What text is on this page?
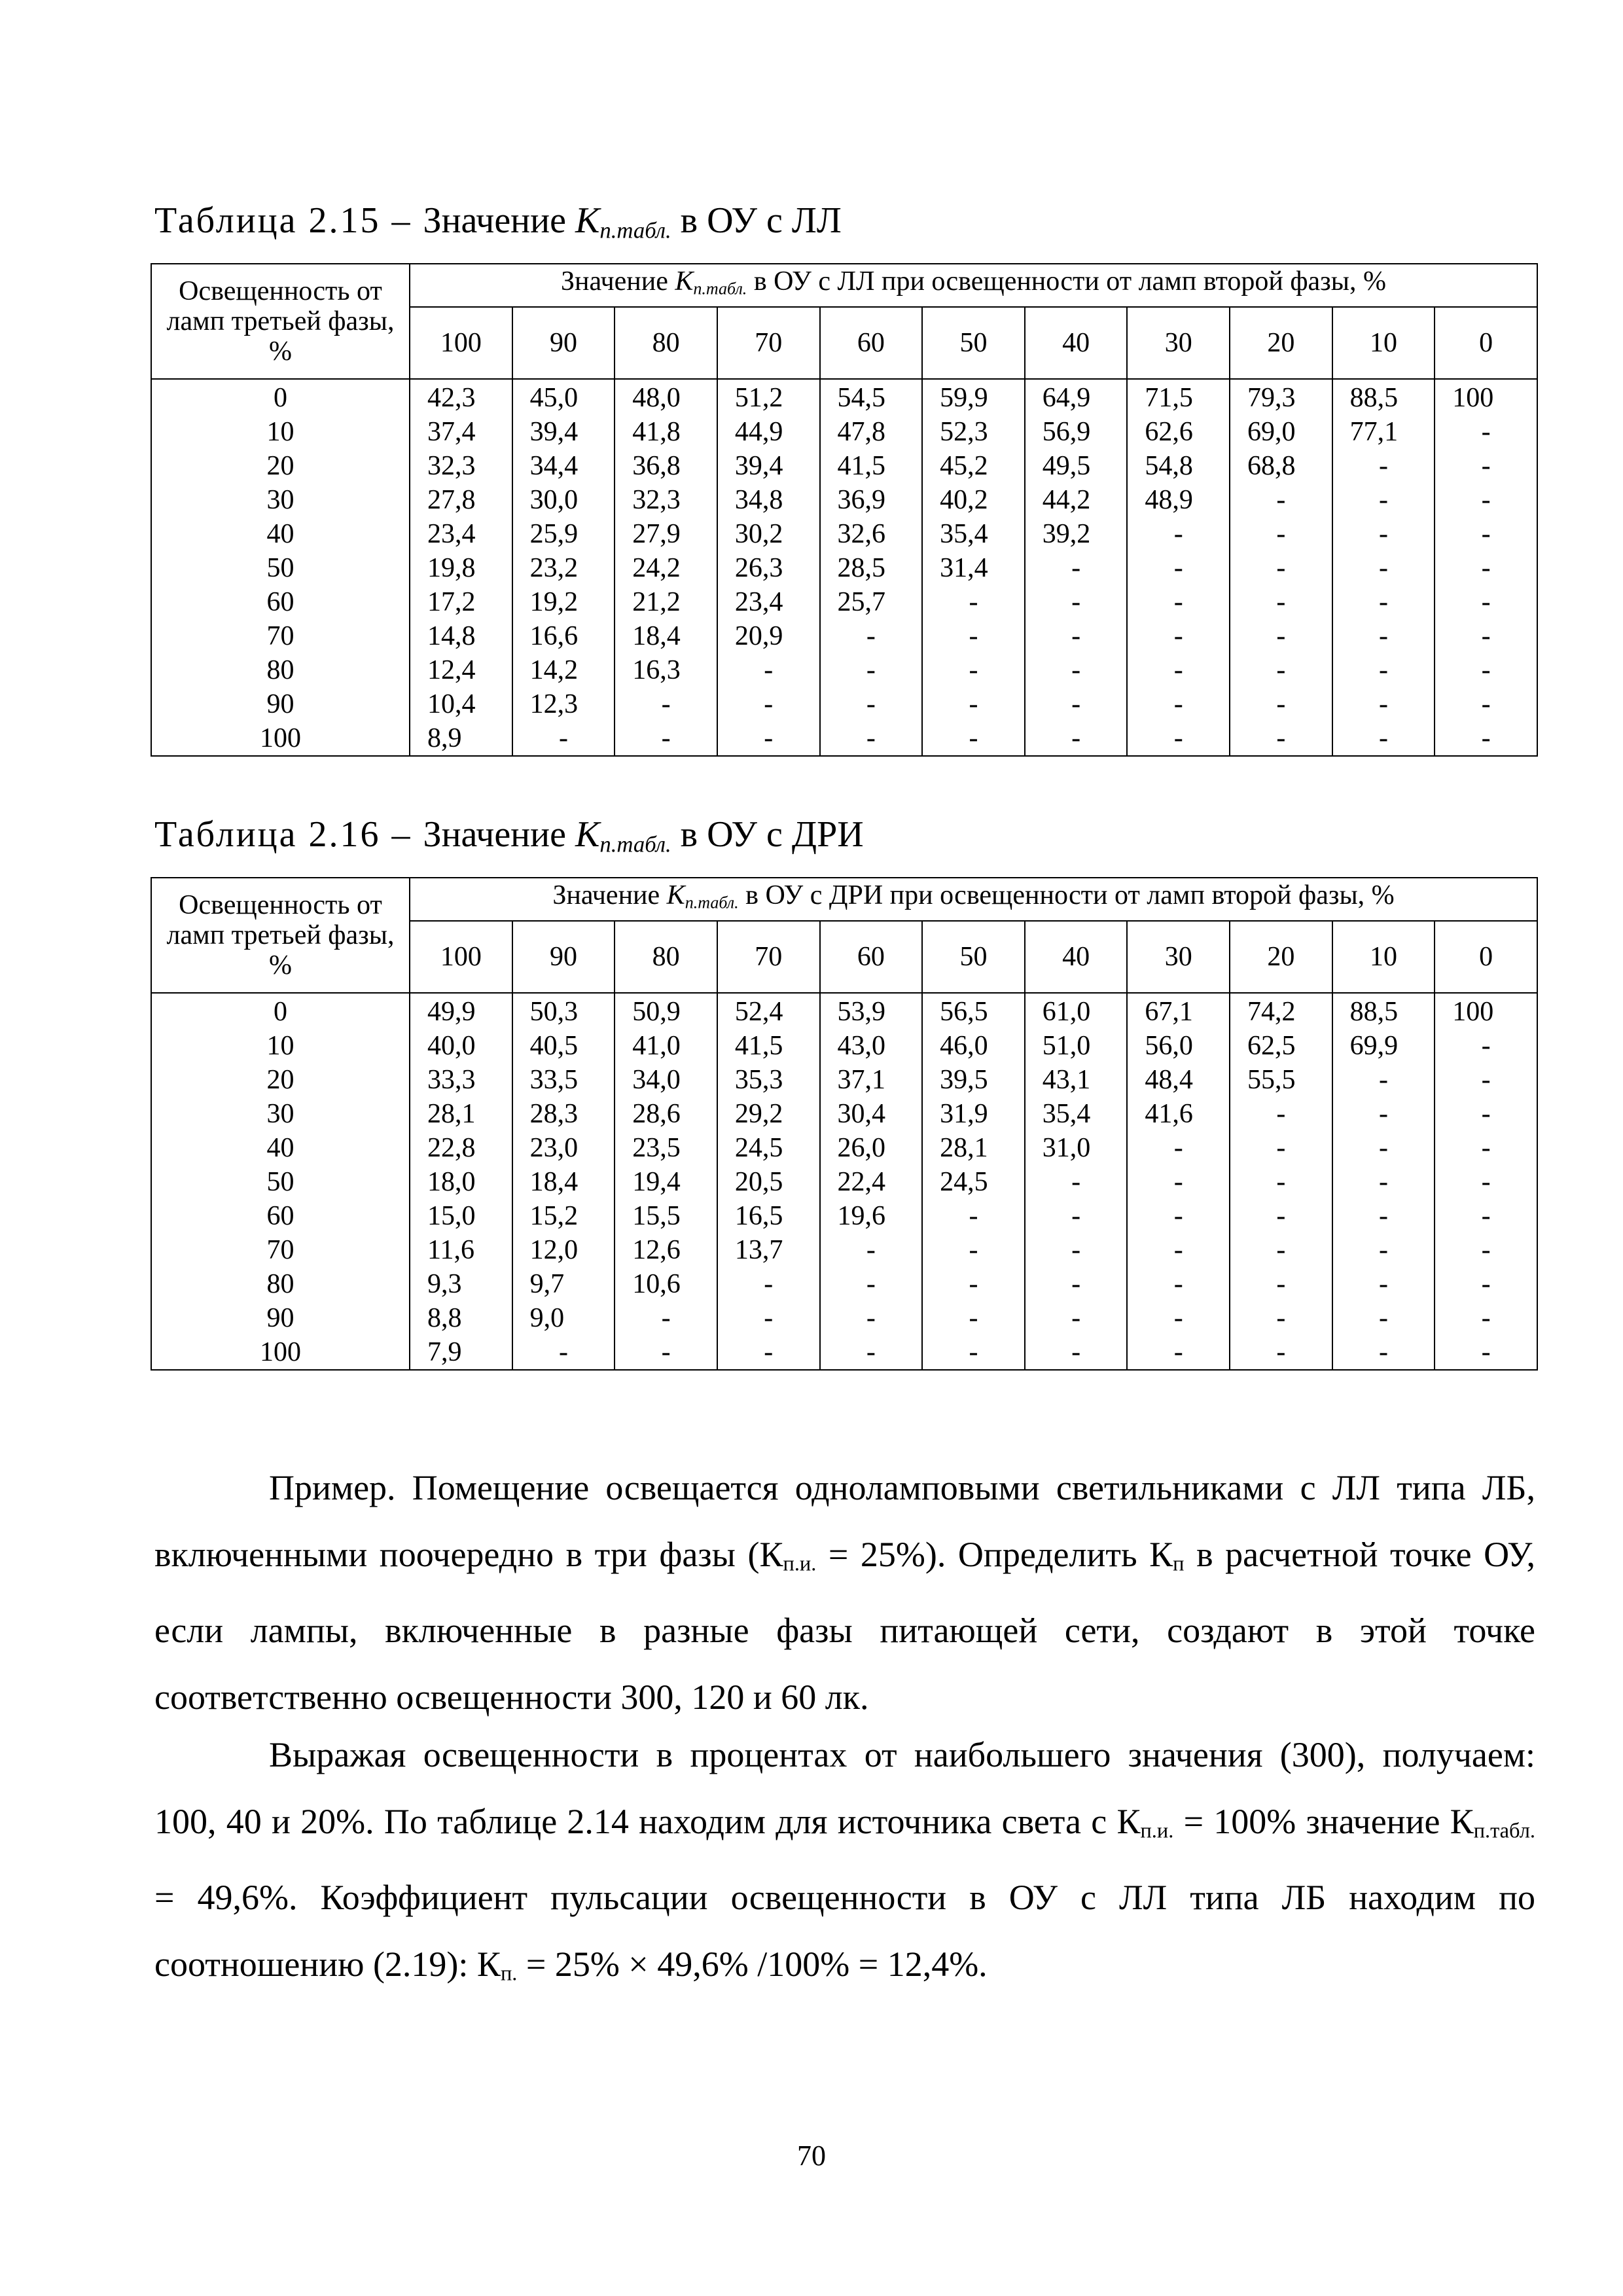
Таблица 2.15 – Значение $K_{п.табл.}$ в ОУ с ЛЛ
Освещенность от ламп третьей фазы, %	Значение $K_{п.табл.}$ в ОУ с ЛЛ при освещенности от ламп второй фазы, %										
	100	90	80	70	60	50	40	30	20	10	0
0	42,3	45,0	48,0	51,2	54,5	59,9	64,9	71,5	79,3	88,5	100
10	37,4	39,4	41,8	44,9	47,8	52,3	56,9	62,6	69,0	77,1	-
20	32,3	34,4	36,8	39,4	41,5	45,2	49,5	54,8	68,8	-	-
30	27,8	30,0	32,3	34,8	36,9	40,2	44,2	48,9	-	-	-
40	23,4	25,9	27,9	30,2	32,6	35,4	39,2	-	-	-	-
50	19,8	23,2	24,2	26,3	28,5	31,4	-	-	-	-	-
60	17,2	19,2	21,2	23,4	25,7	-	-	-	-	-	-
70	14,8	16,6	18,4	20,9	-	-	-	-	-	-	-
80	12,4	14,2	16,3	-	-	-	-	-	-	-	-
90	10,4	12,3	-	-	-	-	-	-	-	-	-
100	8,9	-	-	-	-	-	-	-	-	-	-
Таблица 2.16 – Значение $K_{п.табл.}$ в ОУ с ДРИ
Освещенность от ламп третьей фазы, %	Значение $K_{п.табл.}$ в ОУ с ДРИ при освещенности от ламп второй фазы, %										
	100	90	80	70	60	50	40	30	20	10	0
0	49,9	50,3	50,9	52,4	53,9	56,5	61,0	67,1	74,2	88,5	100
10	40,0	40,5	41,0	41,5	43,0	46,0	51,0	56,0	62,5	69,9	-
20	33,3	33,5	34,0	35,3	37,1	39,5	43,1	48,4	55,5	-	-
30	28,1	28,3	28,6	29,2	30,4	31,9	35,4	41,6	-	-	-
40	22,8	23,0	23,5	24,5	26,0	28,1	31,0	-	-	-	-
50	18,0	18,4	19,4	20,5	22,4	24,5	-	-	-	-	-
60	15,0	15,2	15,5	16,5	19,6	-	-	-	-	-	-
70	11,6	12,0	12,6	13,7	-	-	-	-	-	-	-
80	9,3	9,7	10,6	-	-	-	-	-	-	-	-
90	8,8	9,0	-	-	-	-	-	-	-	-	-
100	7,9	-	-	-	-	-	-	-	-	-	-

Пример. Помещение освещается одноламповыми светильниками с ЛЛ типа ЛБ, включенными поочередно в три фазы $(К_{п.и.} = 25\%)$. Определить $К_п$ в расчетной точке ОУ, если лампы, включенные в разные фазы питающей сети, создают в этой точке соответственно освещенности 300, 120 и 60 лк.

Выражая освещенности в процентах от наибольшего значения (300), получаем: 100, 40 и 20%. По таблице 2.14 находим для источника света с $К_{п.и.} = 100\%$ значение $К_{п.табл.} = 49,6\%$. Коэффициент пульсации освещенности в ОУ с ЛЛ типа ЛБ находим по соотношению (2.19): $К_{п.} = 25\% \times 49,6\%$ /100% = 12,4%.

70
